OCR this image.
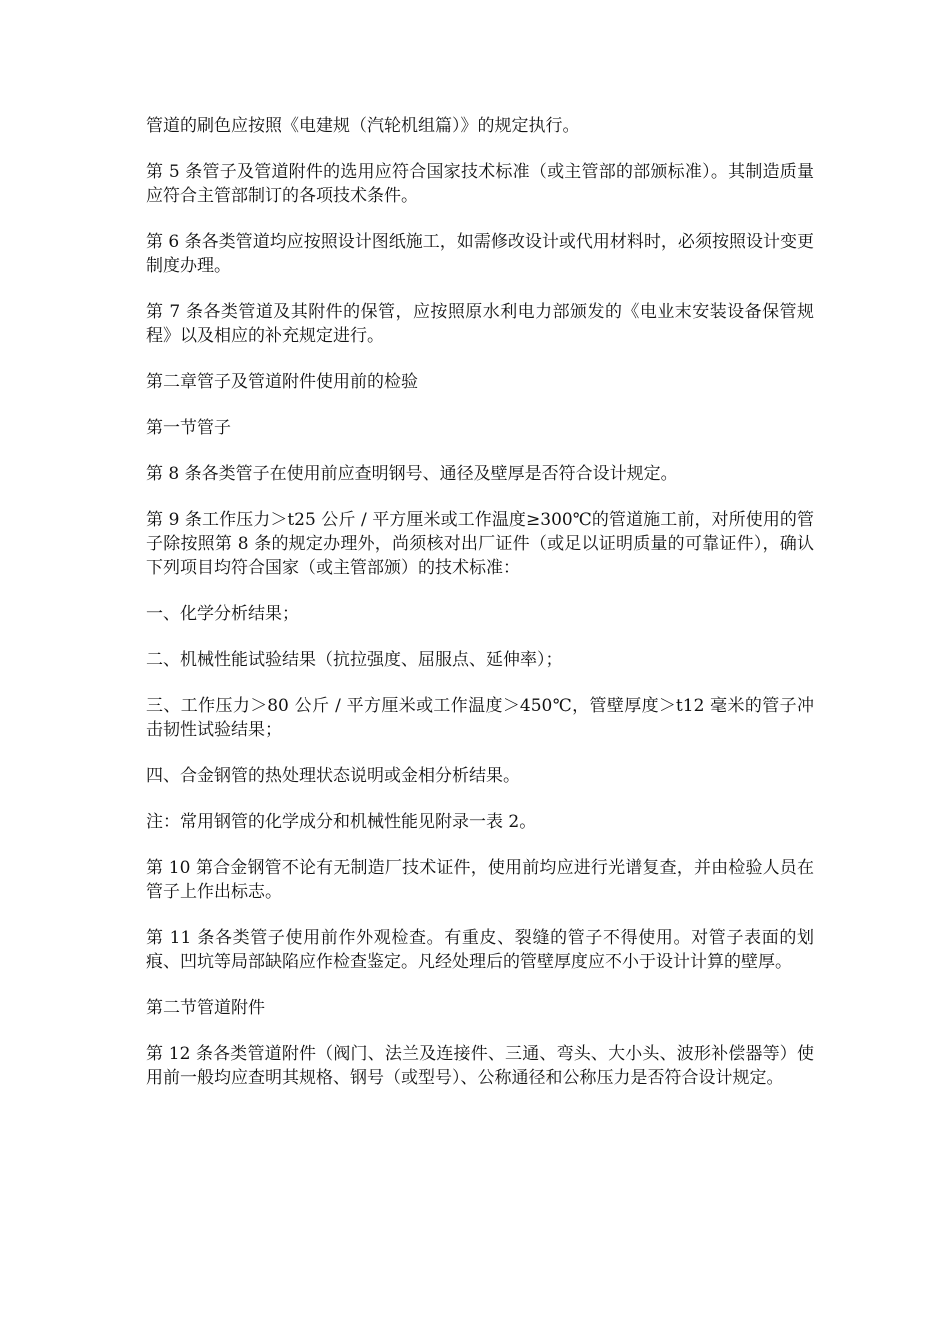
管道的刷色应按照《电建规（汽轮机组篇）》的规定执行。

第 5 条管子及管道附件的选用应符合国家技术标准（或主管部的部颁标准）。其制造质量应符合主管部制订的各项技术条件。

第 6 条各类管道均应按照设计图纸施工，如需修改设计或代用材料时，必须按照设计变更制度办理。

第 7 条各类管道及其附件的保管，应按照原水利电力部颁发的《电业末安装设备保管规程》以及相应的补充规定进行。

第二章管子及管道附件使用前的检验

第一节管子

第 8 条各类管子在使用前应查明钢号、通径及壁厚是否符合设计规定。

第 9 条工作压力＞t25 公斤 / 平方厘米或工作温度≥300℃的管道施工前，对所使用的管子除按照第 8 条的规定办理外，尚须核对出厂证件（或足以证明质量的可靠证件），确认下列项目均符合国家（或主管部颁）的技术标准：

一、化学分析结果；

二、机械性能试验结果（抗拉强度、屈服点、延伸率）；

三、工作压力＞80 公斤 / 平方厘米或工作温度＞450℃，管壁厚度＞t12 毫米的管子冲击韧性试验结果；

四、合金钢管的热处理状态说明或金相分析结果。

注：常用钢管的化学成分和机械性能见附录一表 2。

第 10 第合金钢管不论有无制造厂技术证件，使用前均应进行光谱复查，并由检验人员在管子上作出标志。

第 11 条各类管子使用前作外观检查。有重皮、裂缝的管子不得使用。对管子表面的划痕、凹坑等局部缺陷应作检查鉴定。凡经处理后的管壁厚度应不小于设计计算的壁厚。

第二节管道附件

第 12 条各类管道附件（阀门、法兰及连接件、三通、弯头、大小头、波形补偿器等）使用前一般均应查明其规格、钢号（或型号）、公称通径和公称压力是否符合设计规定。
